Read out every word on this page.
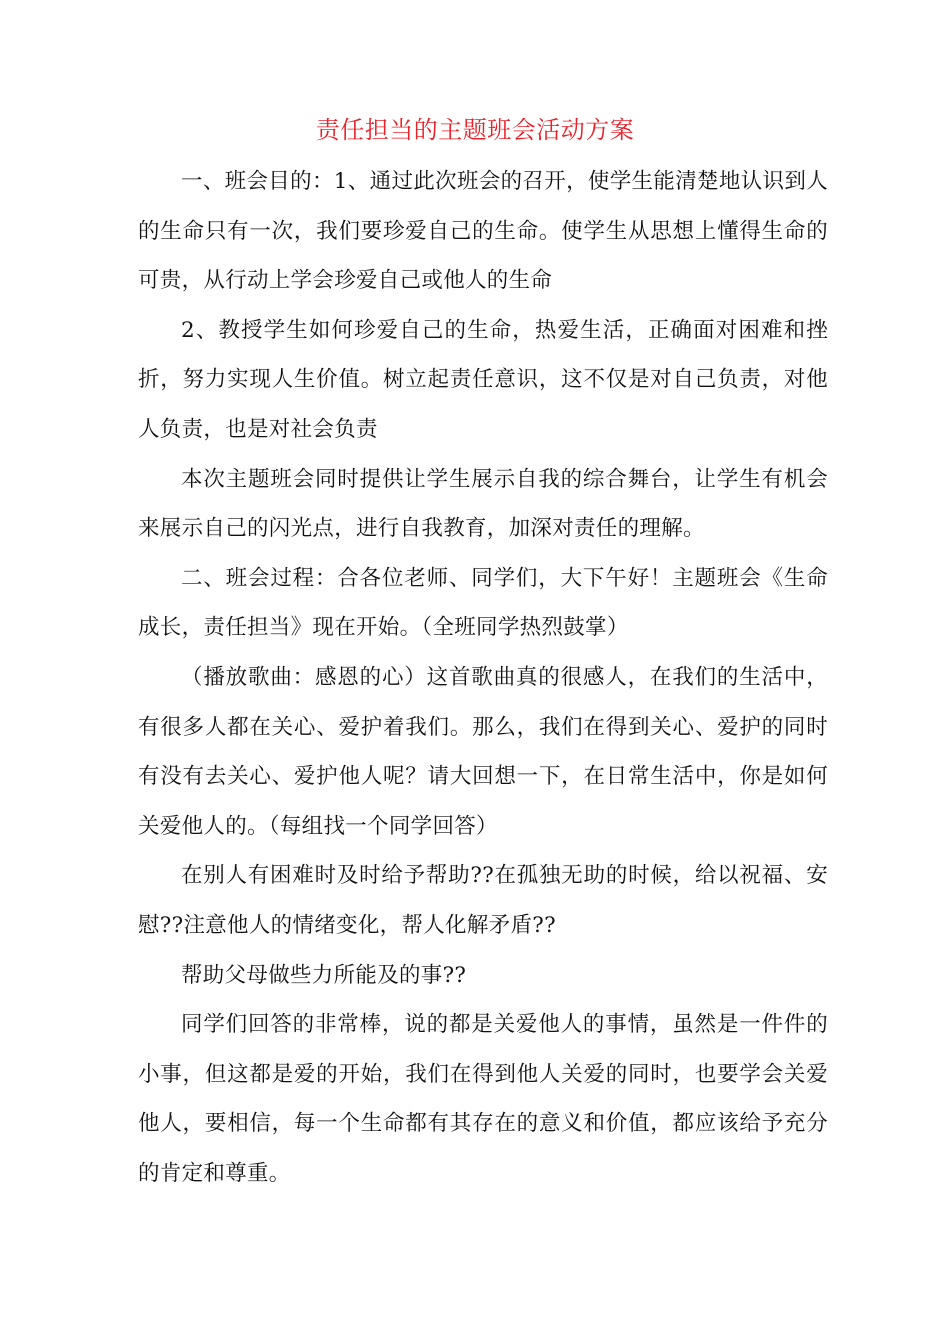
责任担当的主题班会活动方案

一、班会目的：1、通过此次班会的召开，使学生能清楚地认识到人的生命只有一次，我们要珍爱自己的生命。使学生从思想上懂得生命的可贵，从行动上学会珍爱自己或他人的生命

2、教授学生如何珍爱自己的生命，热爱生活，正确面对困难和挫折，努力实现人生价值。树立起责任意识，这不仅是对自己负责，对他人负责，也是对社会负责

本次主题班会同时提供让学生展示自我的综合舞台，让学生有机会来展示自己的闪光点，进行自我教育，加深对责任的理解。

二、班会过程：合各位老师、同学们，大下午好！主题班会《生命成长，责任担当》现在开始。（全班同学热烈鼓掌）

（播放歌曲：感恩的心）这首歌曲真的很感人，在我们的生活中，有很多人都在关心、爱护着我们。那么，我们在得到关心、爱护的同时有没有去关心、爱护他人呢？请大回想一下，在日常生活中，你是如何关爱他人的。（每组找一个同学回答）

在别人有困难时及时给予帮助??在孤独无助的时候，给以祝福、安慰??注意他人的情绪变化，帮人化解矛盾??

帮助父母做些力所能及的事??

同学们回答的非常棒，说的都是关爱他人的事情，虽然是一件件的小事，但这都是爱的开始，我们在得到他人关爱的同时，也要学会关爱他人，要相信，每一个生命都有其存在的意义和价值，都应该给予充分的肯定和尊重。
